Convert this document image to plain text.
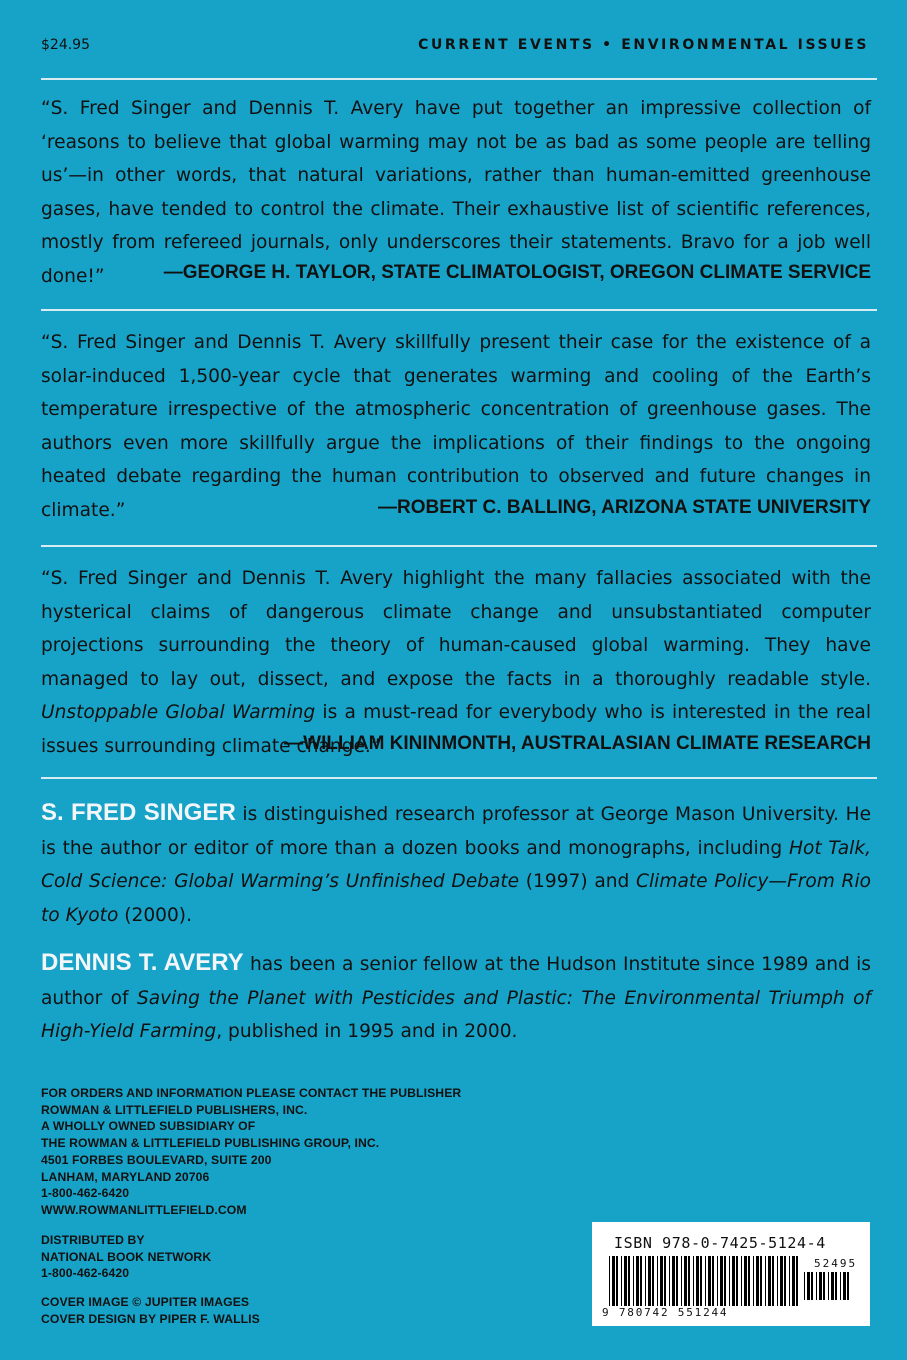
$24.95	CURRENT EVENTS • ENVIRONMENTAL ISSUES
“S. Fred Singer and Dennis T. Avery have put together an impressive collection of ‘reasons to believe that global warming may not be as bad as some people are telling us’—in other words, that natural variations, rather than human-emitted greenhouse gases, have tended to control the climate. Their exhaustive list of scientific references, mostly from refereed journals, only underscores their statements. Bravo for a job well done!”	—GEORGE H. TAYLOR, STATE CLIMATOLOGIST, OREGON CLIMATE SERVICE
“S. Fred Singer and Dennis T. Avery skillfully present their case for the existence of a solar-induced 1,500-year cycle that generates warming and cooling of the Earth’s temperature irrespective of the atmospheric concentration of greenhouse gases. The authors even more skillfully argue the implications of their findings to the ongoing heated debate regarding the human contribution to observed and future changes in climate.”	—ROBERT C. BALLING, ARIZONA STATE UNIVERSITY
“S. Fred Singer and Dennis T. Avery highlight the many fallacies associated with the hysterical claims of dangerous climate change and unsubstantiated computer projections surrounding the theory of human-caused global warming. They have managed to lay out, dissect, and expose the facts in a thoroughly readable style. Unstoppable Global Warming is a must-read for everybody who is interested in the real issues surrounding climate change.”
—WILLIAM KININMONTH, AUSTRALASIAN CLIMATE RESEARCH
S. FRED SINGER is distinguished research professor at George Mason University. He is the author or editor of more than a dozen books and monographs, including Hot Talk, Cold Science: Global Warming’s Unfinished Debate (1997) and Climate Policy—From Rio to Kyoto (2000).
DENNIS T. AVERY has been a senior fellow at the Hudson Institute since 1989 and is author of Saving the Planet with Pesticides and Plastic: The Environmental Triumph of High-Yield Farming, published in 1995 and in 2000.
FOR ORDERS AND INFORMATION PLEASE CONTACT THE PUBLISHER
ROWMAN & LITTLEFIELD PUBLISHERS, INC.
A WHOLLY OWNED SUBSIDIARY OF
THE ROWMAN & LITTLEFIELD PUBLISHING GROUP, INC.
4501 FORBES BOULEVARD, SUITE 200
LANHAM, MARYLAND 20706
1-800-462-6420
WWW.ROWMANLITTLEFIELD.COM
DISTRIBUTED BY
NATIONAL BOOK NETWORK
1-800-462-6420
COVER IMAGE © JUPITER IMAGES
COVER DESIGN BY PIPER F. WALLIS
ISBN 978-0-7425-5124-4
52495
9 780742 551244
